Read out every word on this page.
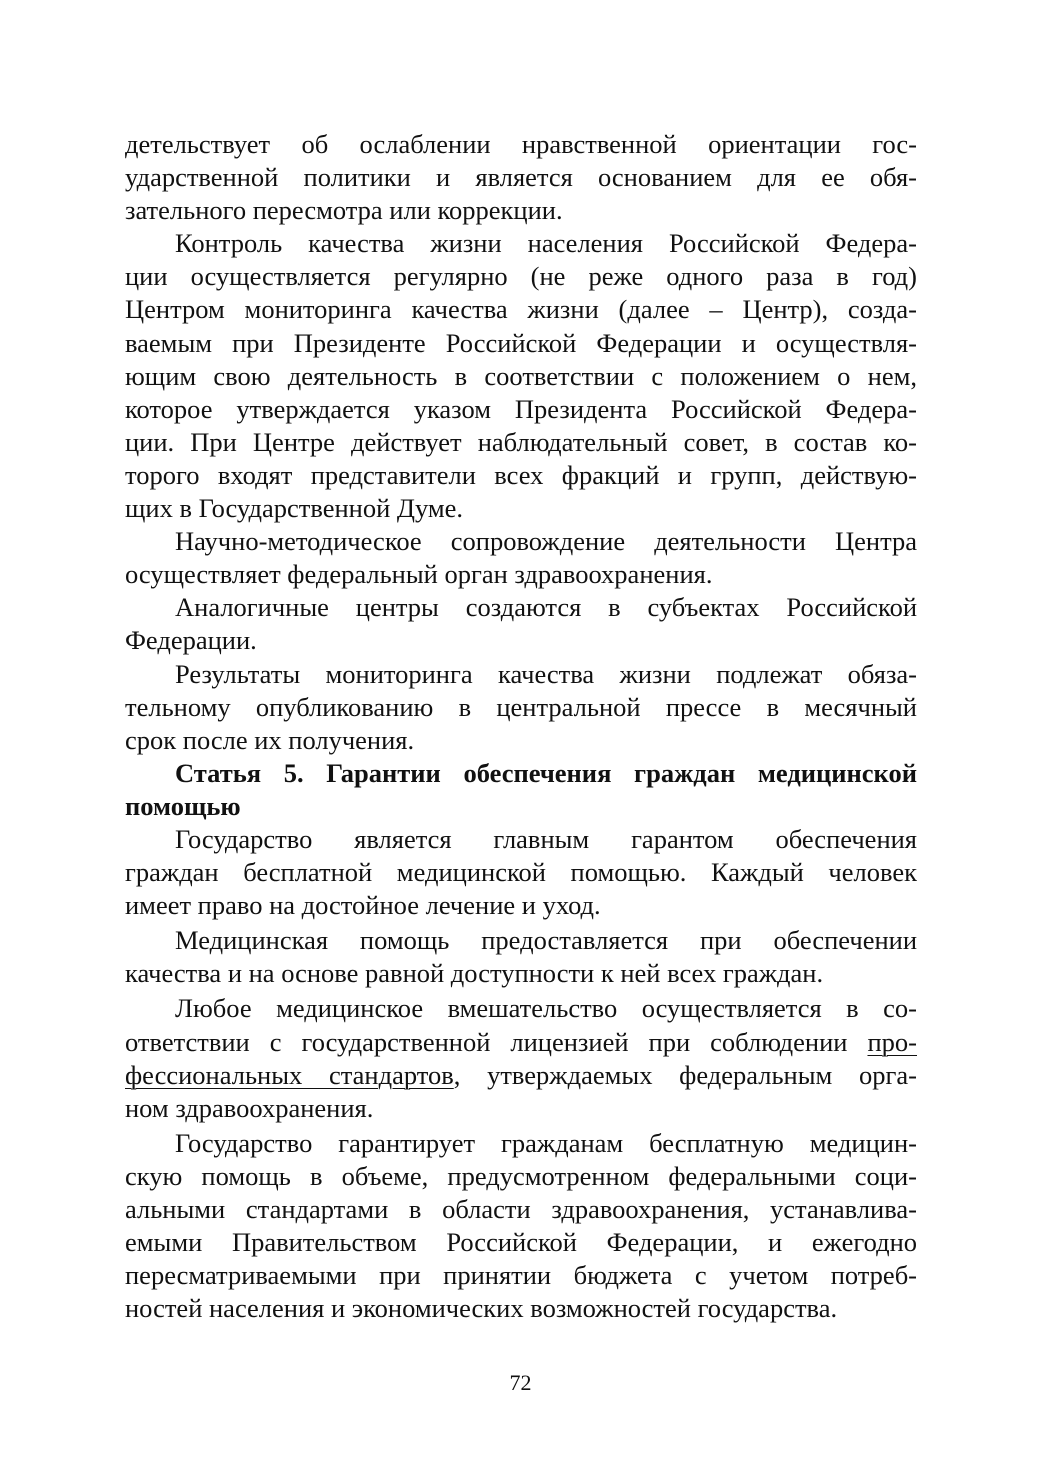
детельствует об ослаблении нравственной ориентации гос-
ударственной политики и является основанием для ее обя-
зательного пересмотра или коррекции.
Контроль качества жизни населения Российской Федера-
ции осуществляется регулярно (не реже одного раза в год)
Центром мониторинга качества жизни (далее – Центр), созда-
ваемым при Президенте Российской Федерации и осуществля-
ющим свою деятельность в соответствии с положением о нем,
которое утверждается указом Президента Российской Федера-
ции. При Центре действует наблюдательный совет, в состав ко-
торого входят представители всех фракций и групп, действую-
щих в Государственной Думе.
Научно-методическое сопровождение деятельности Центра
осуществляет федеральный орган здравоохранения.
Аналогичные центры создаются в субъектах Российской
Федерации.
Результаты мониторинга качества жизни подлежат обяза-
тельному опубликованию в центральной прессе в месячный
срок после их получения.
Статья 5. Гарантии обеспечения граждан медицинской
помощью
Государство является главным гарантом обеспечения
граждан бесплатной медицинской помощью. Каждый человек
имеет право на достойное лечение и уход.
Медицинская помощь предоставляется при обеспечении
качества и на основе равной доступности к ней всех граждан.
Любое медицинское вмешательство осуществляется в со-
ответствии с государственной лицензией при соблюдении про-
фессиональных стандартов, утверждаемых федеральным орга-
ном здравоохранения.
Государство гарантирует гражданам бесплатную медицин-
скую помощь в объеме, предусмотренном федеральными соци-
альными стандартами в области здравоохранения, устанавлива-
емыми Правительством Российской Федерации, и ежегодно
пересматриваемыми при принятии бюджета с учетом потреб-
ностей населения и экономических возможностей государства.
72
